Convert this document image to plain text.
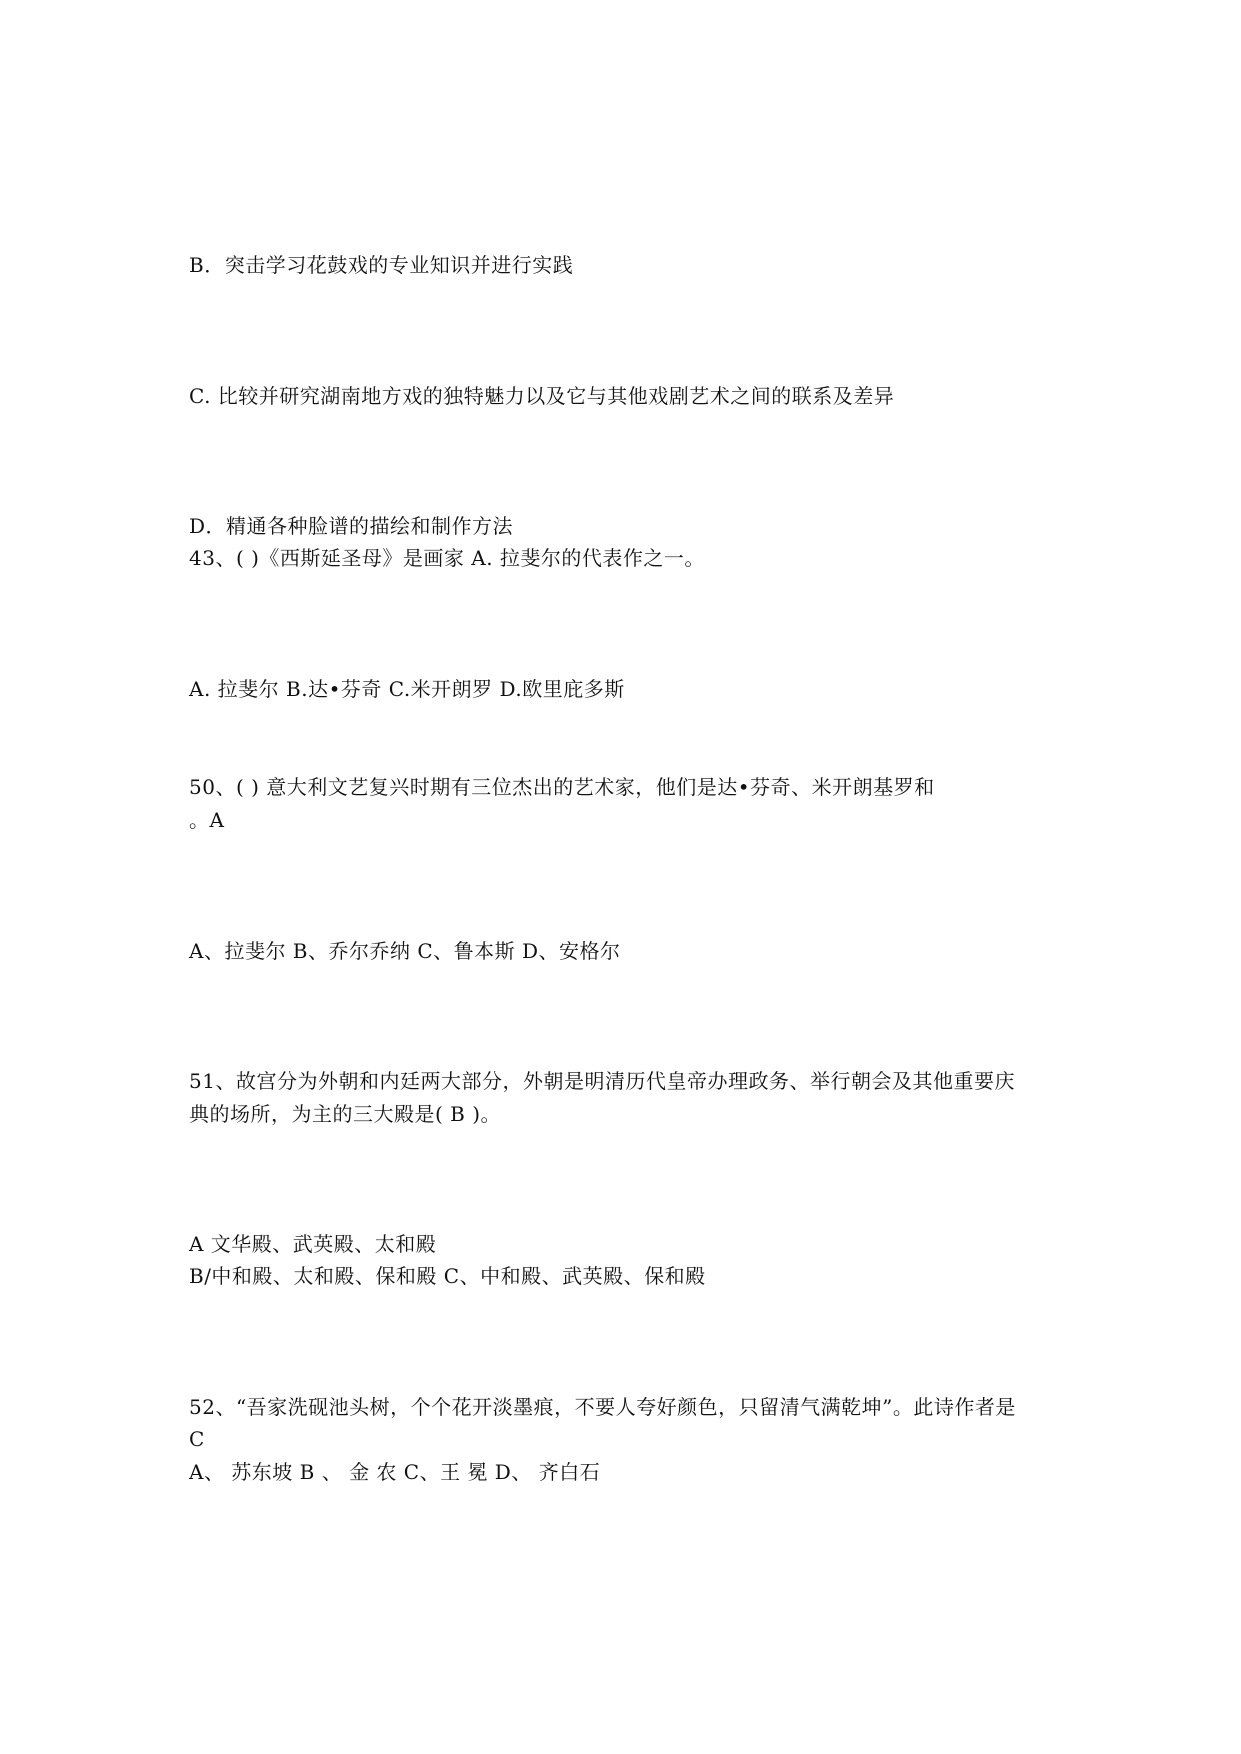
B．突击学习花鼓戏的专业知识并进行实践
C. 比较并研究湖南地方戏的独特魅力以及它与其他戏剧艺术之间的联系及差异
D．精通各种脸谱的描绘和制作方法
43、( )《西斯延圣母》是画家 A. 拉斐尔的代表作之一。
A. 拉斐尔 B.达•芬奇 C.米开朗罗 D.欧里庇多斯
50、( ) 意大利文艺复兴时期有三位杰出的艺术家，他们是达•芬奇、米开朗基罗和
。A
A、拉斐尔 B、乔尔乔纳 C、鲁本斯 D、安格尔
51、故宫分为外朝和内廷两大部分，外朝是明清历代皇帝办理政务、举行朝会及其他重要庆
典的场所，为主的三大殿是( B )。
A 文华殿、武英殿、太和殿
B/中和殿、太和殿、保和殿 C、中和殿、武英殿、保和殿
52、“吾家洗砚池头树，个个花开淡墨痕，不要人夸好颜色，只留清气满乾坤”。此诗作者是
C
A、 苏东坡 B 、 金 农 C、王 冕 D、 齐白石
